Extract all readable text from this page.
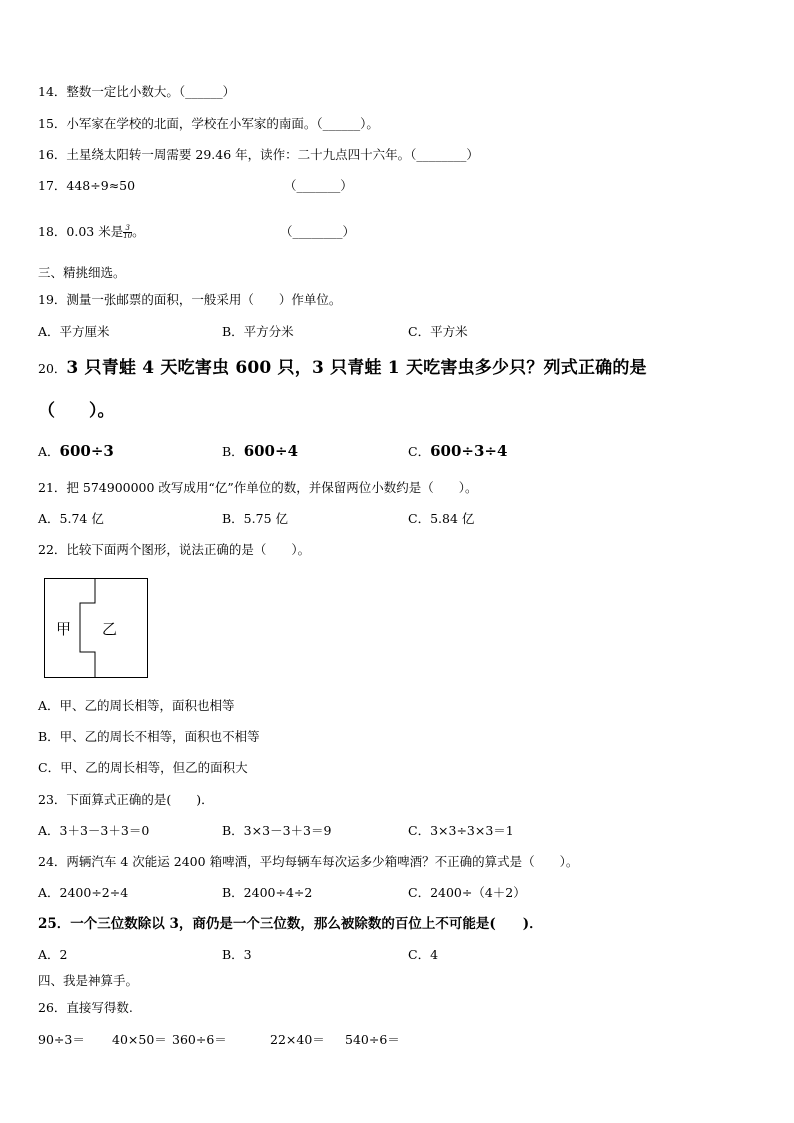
14．整数一定比小数大。（______）
15．小军家在学校的北面，学校在小军家的南面。（______）。
16．土星绕太阳转一周需要 29.46 年，读作：二十九点四十六年。（________）
17．448÷9≈50	（_______）
18．0.03 米是 $\frac{3}{10}$ 。	（________）
三、精挑细选。
19．测量一张邮票的面积，一般采用（　　）作单位。
A．平方厘米	B．平方分米	C．平方米
20．3 只青蛙 4 天吃害虫 600 只，3 只青蛙 1 天吃害虫多少只？列式正确的是
（　　）。
A．600÷3	B．600÷4	C．600÷3÷4
21．把 574900000 改写成用“亿”作单位的数，并保留两位小数约是（　　）。
A．5.74 亿	B．5.75 亿	C．5.84 亿
22．比较下面两个图形，说法正确的是（　　）。
甲 乙
A．甲、乙的周长相等，面积也相等
B．甲、乙的周长不相等，面积也不相等
C．甲、乙的周长相等，但乙的面积大
23．下面算式正确的是(　　)．
A．3＋3－3＋3＝0	B．3×3－3＋3＝9	C．3×3÷3×3＝1
24．两辆汽车 4 次能运 2400 箱啤酒，平均每辆车每次运多少箱啤酒？不正确的算式是（　　）。
A．2400÷2÷4	B．2400÷4÷2	C．2400÷（4＋2）
25．一个三位数除以 3，商仍是一个三位数，那么被除数的百位上不可能是(　　)．
A．2	B．3	C．4
四、我是神算手。
26．直接写得数.
90÷3＝ 40×50＝ 360÷6＝	22×40＝ 540÷6＝
